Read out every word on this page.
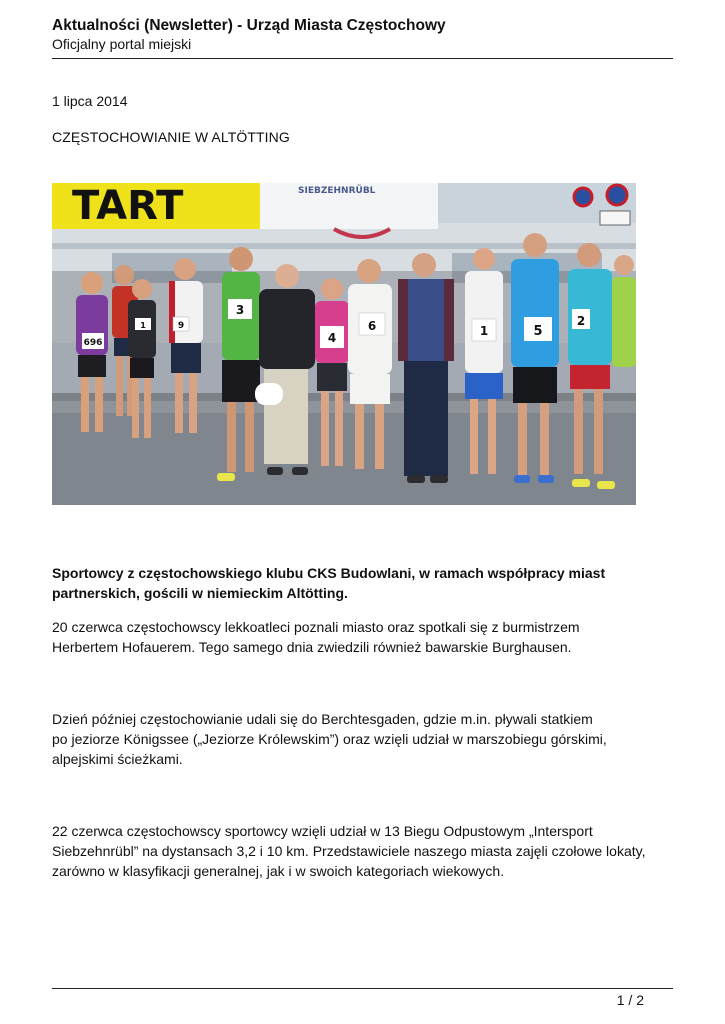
Aktualności (Newsletter) - Urząd Miasta Częstochowy
Oficjalny portal miejski
1 lipca 2014
CZĘSTOCHOWIANIE W ALTÖTTING
TART	SIEBZEHNRÜBL
696
1	9
3
4
6	1	5
2
Sportowcy z częstochowskiego klubu CKS Budowlani, w ramach współpracy miast
partnerskich, gościli w niemieckim Altötting.
20 czerwca częstochowscy lekkoatleci poznali miasto oraz spotkali się z burmistrzem
Herbertem Hofauerem. Tego samego dnia zwiedzili również bawarskie Burghausen.
Dzień później częstochowianie udali się do Berchtesgaden, gdzie m.in. pływali statkiem
po jeziorze Königssee („Jeziorze Królewskim”) oraz wzięli udział w marszobiegu górskimi,
alpejskimi ścieżkami.
22 czerwca częstochowscy sportowcy wzięli udział w 13 Biegu Odpustowym „Intersport
Siebzehnrübl” na dystansach 3,2 i 10 km. Przedstawiciele naszego miasta zajęli czołowe lokaty,
zarówno w klasyfikacji generalnej, jak i w swoich kategoriach wiekowych.
1 / 2
